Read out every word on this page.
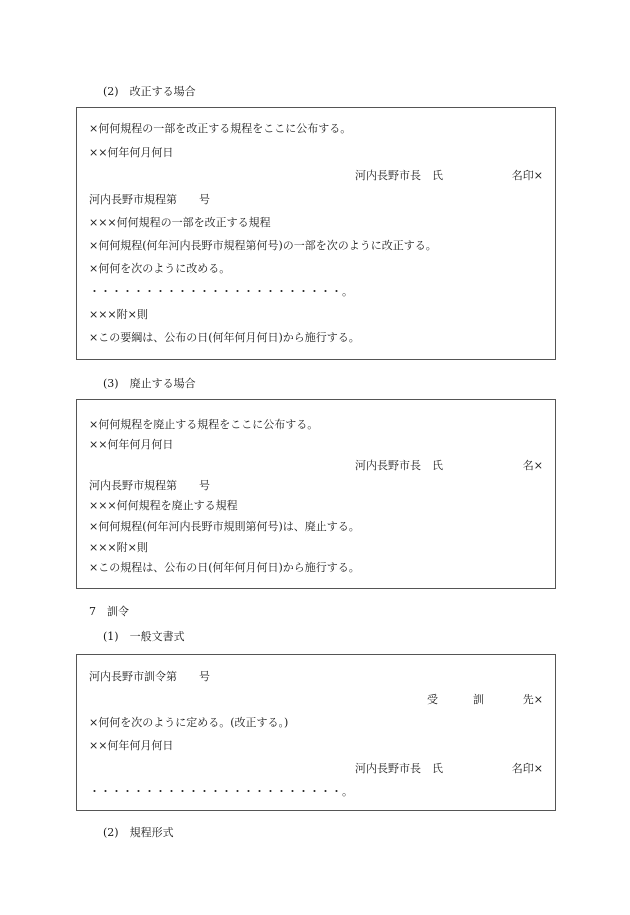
(2)　改正する場合

×何何規程の一部を改正する規程をここに公布する。

××何年何月何日

河内長野市長　氏	名印×

河内長野市規程第　　号

×××何何規程の一部を改正する規程

×何何規程(何年河内長野市規程第何号)の一部を次のように改正する。

×何何を次のように改める。

・・・・・・・・・・・・・・・・・・・・・・・。

×××附×則

×この要綱は、公布の日(何年何月何日)から施行する。

(3)　廃止する場合

×何何規程を廃止する規程をここに公布する。

××何年何月何日

河内長野市長　氏	名×

河内長野市規程第　　号

×××何何規程を廃止する規程

×何何規程(何年河内長野市規則第何号)は、廃止する。

×××附×則

×この規程は、公布の日(何年何月何日)から施行する。

7　訓令

(1)　一般文書式

河内長野市訓令第　　号

受	訓	先×

×何何を次のように定める。(改正する。)

××何年何月何日

河内長野市長　氏	名印×

・・・・・・・・・・・・・・・・・・・・・・・。

(2)　規程形式
